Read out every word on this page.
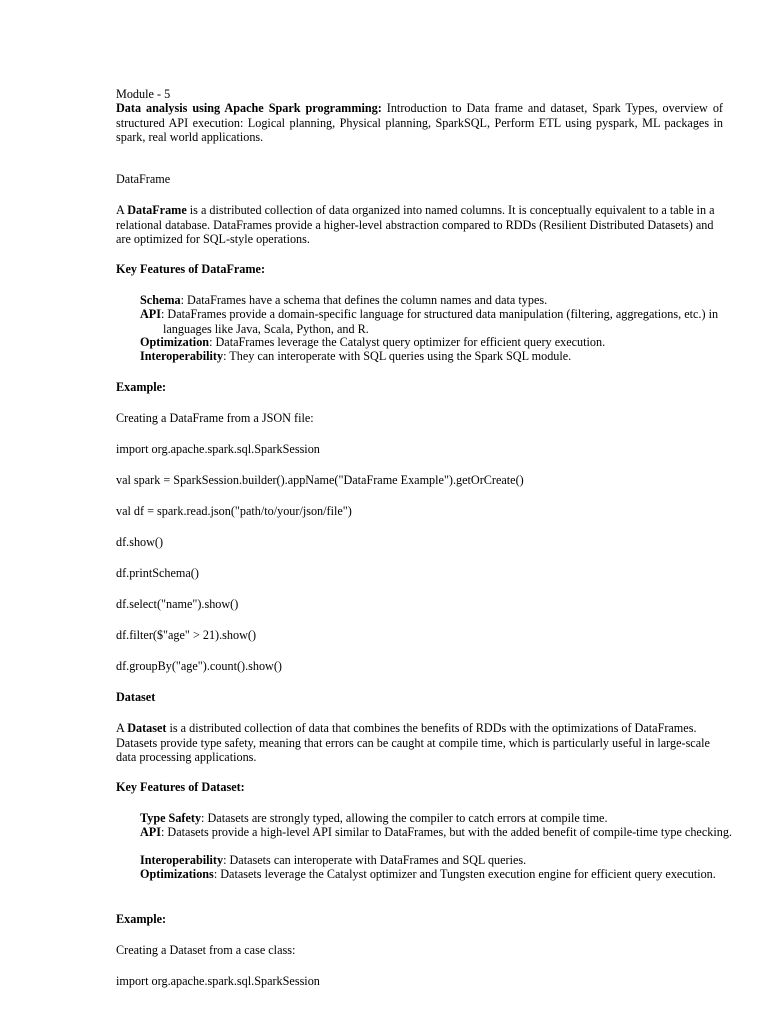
Module - 5

Data analysis using Apache Spark programming: Introduction to Data frame and dataset, Spark Types, overview of structured API execution: Logical planning, Physical planning, SparkSQL, Perform ETL using pyspark, ML packages in spark, real world applications.

DataFrame

A DataFrame is a distributed collection of data organized into named columns. It is conceptually equivalent to a table in a relational database. DataFrames provide a higher-level abstraction compared to RDDs (Resilient Distributed Datasets) and are optimized for SQL-style operations.

Key Features of DataFrame:

Schema: DataFrames have a schema that defines the column names and data types.

API: DataFrames provide a domain-specific language for structured data manipulation (filtering, aggregations, etc.) in languages like Java, Scala, Python, and R.

Optimization: DataFrames leverage the Catalyst query optimizer for efficient query execution.

Interoperability: They can interoperate with SQL queries using the Spark SQL module.

Example:

Creating a DataFrame from a JSON file:

import org.apache.spark.sql.SparkSession

val spark = SparkSession.builder().appName("DataFrame Example").getOrCreate()

val df = spark.read.json("path/to/your/json/file")

df.show()

df.printSchema()

df.select("name").show()

df.filter($"age" > 21).show()

df.groupBy("age").count().show()

Dataset

A Dataset is a distributed collection of data that combines the benefits of RDDs with the optimizations of DataFrames. Datasets provide type safety, meaning that errors can be caught at compile time, which is particularly useful in large-scale data processing applications.

Key Features of Dataset:

Type Safety: Datasets are strongly typed, allowing the compiler to catch errors at compile time.

API: Datasets provide a high-level API similar to DataFrames, but with the added benefit of compile-time type checking.

Interoperability: Datasets can interoperate with DataFrames and SQL queries.

Optimizations: Datasets leverage the Catalyst optimizer and Tungsten execution engine for efficient query execution.

Example:

Creating a Dataset from a case class:

import org.apache.spark.sql.SparkSession
